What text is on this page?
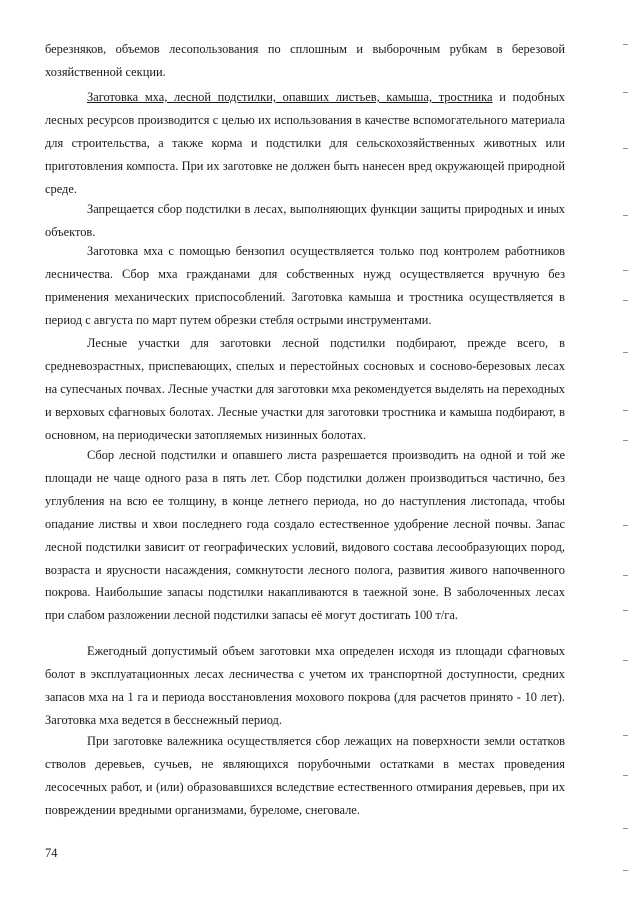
березняков, объемов лесопользования по сплошным и выборочным рубкам в березовой хозяйственной секции.

Заготовка мха, лесной подстилки, опавших листьев, камыша, тростника и подобных лесных ресурсов производится с целью их использования в качестве вспомогательного материала для строительства, а также корма и подстилки для сельскохозяйственных животных или приготовления компоста. При их заготовке не должен быть нанесен вред окружающей природной среде.

Запрещается сбор подстилки в лесах, выполняющих функции защиты природных и иных объектов.

Заготовка мха с помощью бензопил осуществляется только под контролем работников лесничества. Сбор мха гражданами для собственных нужд осуществляется вручную без применения механических приспособлений. Заготовка камыша и тростника осуществляется в период с августа по март путем обрезки стебля острыми инструментами.

Лесные участки для заготовки лесной подстилки подбирают, прежде всего, в средневозрастных, приспевающих, спелых и перестойных сосновых и сосново-березовых лесах на супесчаных почвах. Лесные участки для заготовки мха рекомендуется выделять на переходных и верховых сфагновых болотах. Лесные участки для заготовки тростника и камыша подбирают, в основном, на периодически затопляемых низинных болотах.

Сбор лесной подстилки и опавшего листа разрешается производить на одной и той же площади не чаще одного раза в пять лет. Сбор подстилки должен производиться частично, без углубления на всю ее толщину, в конце летнего периода, но до наступления листопада, чтобы опадание листвы и хвои последнего года создало естественное удобрение лесной почвы. Запас лесной подстилки зависит от географических условий, видового состава лесообразующих пород, возраста и ярусности насаждения, сомкнутости лесного полога, развития живого напочвенного покрова. Наибольшие запасы подстилки накапливаются в таежной зоне. В заболоченных лесах при слабом разложении лесной подстилки запасы её могут достигать 100 т/га.

Ежегодный допустимый объем заготовки мха определен исходя из площади сфагновых болот в эксплуатационных лесах лесничества с учетом их транспортной доступности, средних запасов мха на 1 га и периода восстановления мохового покрова (для расчетов принято - 10 лет). Заготовка мха ведется в бесснежный период.

При заготовке валежника осуществляется сбор лежащих на поверхности земли остатков стволов деревьев, сучьев, не являющихся порубочными остатками в местах проведения лесосечных работ, и (или) образовавшихся вследствие естественного отмирания деревьев, при их повреждении вредными организмами, буреломе, снеговале.

74
